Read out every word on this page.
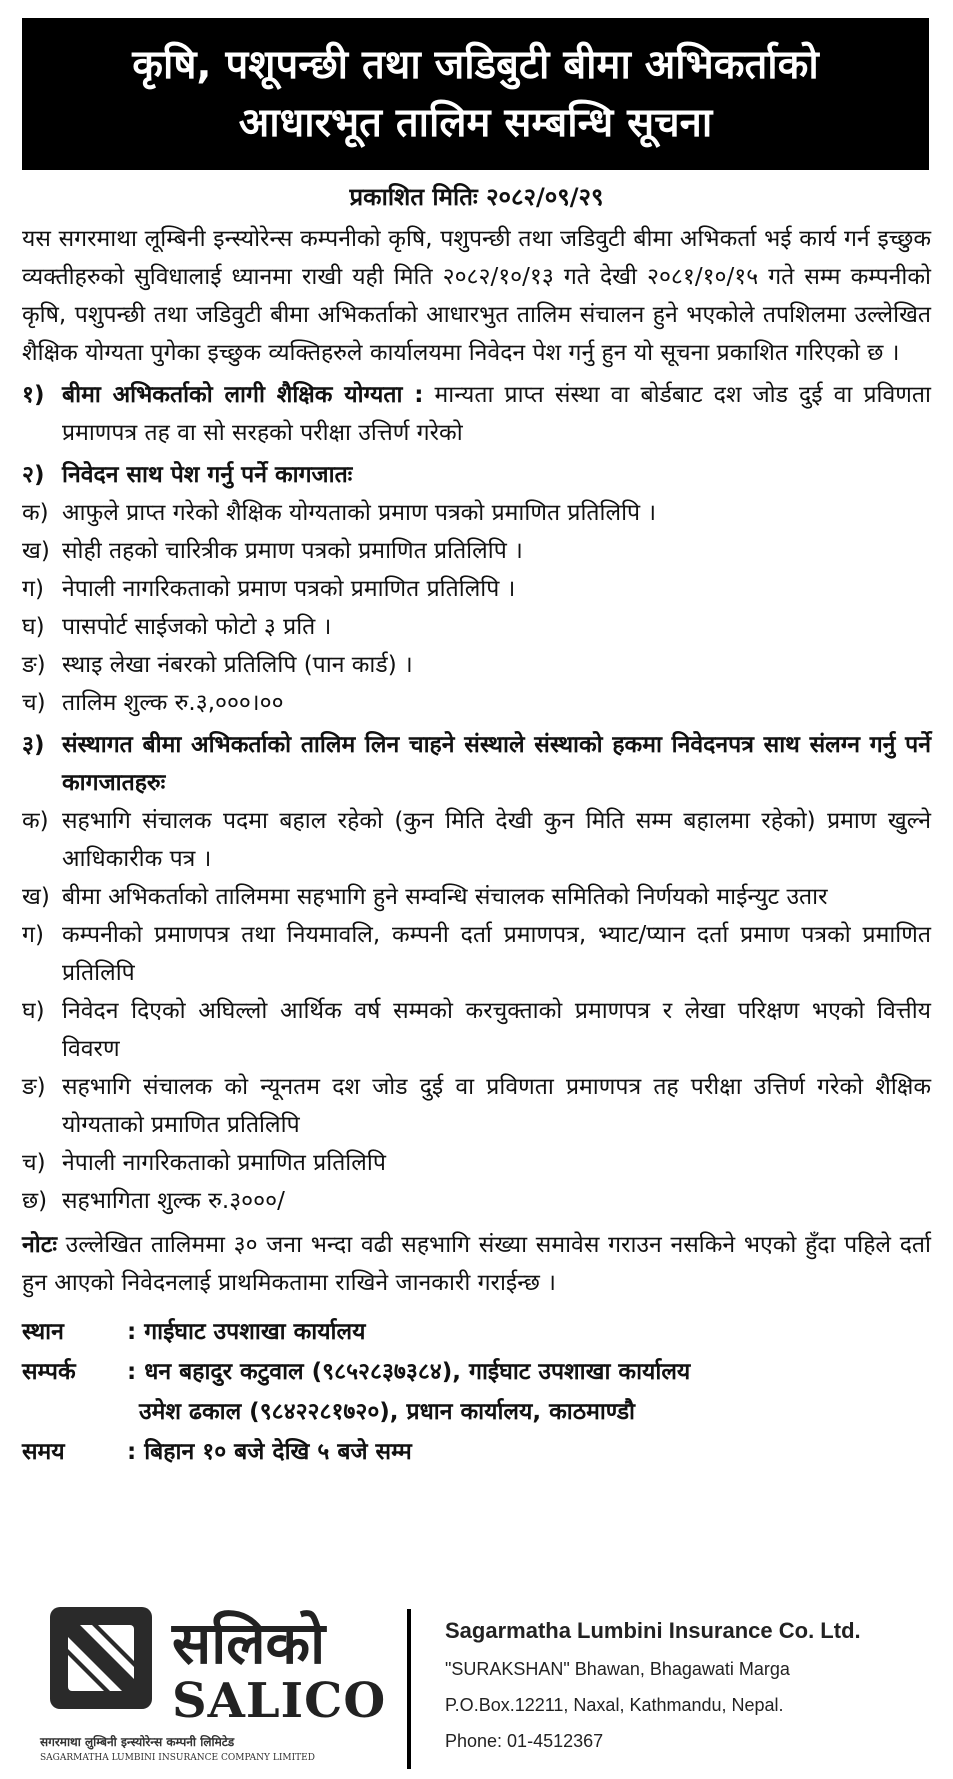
कृषि, पशूपन्छी तथा जडिबुटी बीमा अभिकर्ताको
आधारभूत तालिम सम्बन्धि सूचना
प्रकाशित मितिः २०८२/०९/२९
यस सगरमाथा लूम्बिनी इन्स्योरेन्स कम्पनीको कृषि, पशुपन्छी तथा जडिवुटी बीमा अभिकर्ता भई कार्य गर्न इच्छुक व्यक्तीहरुको सुविधालाई ध्यानमा राखी यही मिति २०८२/१०/१३ गते देखी २०८१/१०/१५ गते सम्म कम्पनीको कृषि, पशुपन्छी तथा जडिवुटी बीमा अभिकर्ताको आधारभुत तालिम संचालन हुने भएकोले तपशिलमा उल्लेखित शैक्षिक योग्यता पुगेका इच्छुक व्यक्तिहरुले कार्यालयमा निवेदन पेश गर्नु हुन यो सूचना प्रकाशित गरिएको छ ।
१) बीमा अभिकर्ताको लागी शैक्षिक योग्यता : मान्यता प्राप्त संस्था वा बोर्डबाट दश जोड दुई वा प्रविणता प्रमाणपत्र तह वा सो सरहको परीक्षा उत्तिर्ण गरेको
२) निवेदन साथ पेश गर्नु पर्ने कागजातः
क) आफुले प्राप्त गरेको शैक्षिक योग्यताको प्रमाण पत्रको प्रमाणित प्रतिलिपि ।
ख) सोही तहको चारित्रीक प्रमाण पत्रको प्रमाणित प्रतिलिपि ।
ग) नेपाली नागरिकताको प्रमाण पत्रको प्रमाणित प्रतिलिपि ।
घ) पासपोर्ट साईजको फोटो ३ प्रति ।
ङ) स्थाइ लेखा नंबरको प्रतिलिपि (पान कार्ड) ।
च) तालिम शुल्क रु.३,०००।००
३) संस्थागत बीमा अभिकर्ताको तालिम लिन चाहने संस्थाले संस्थाको हकमा निवेदनपत्र साथ संलग्न गर्नु पर्ने कागजातहरुः
क) सहभागि संचालक पदमा बहाल रहेको (कुन मिति देखी कुन मिति सम्म बहालमा रहेको) प्रमाण खुल्ने आधिकारीक पत्र ।
ख) बीमा अभिकर्ताको तालिममा सहभागि हुने सम्वन्धि संचालक समितिको निर्णयको माईन्युट उतार
ग) कम्पनीको प्रमाणपत्र तथा नियमावलि, कम्पनी दर्ता प्रमाणपत्र, भ्याट/प्यान दर्ता प्रमाण पत्रको प्रमाणित प्रतिलिपि
घ) निवेदन दिएको अघिल्लो आर्थिक वर्ष सम्मको करचुक्ताको प्रमाणपत्र र लेखा परिक्षण भएको वित्तीय विवरण
ङ) सहभागि संचालक को न्यूनतम दश जोड दुई वा प्रविणता प्रमाणपत्र तह परीक्षा उत्तिर्ण गरेको शैक्षिक योग्यताको प्रमाणित प्रतिलिपि
च) नेपाली नागरिकताको प्रमाणित प्रतिलिपि
छ) सहभागिता शुल्क रु.३०००/
नोटः उल्लेखित तालिममा ३० जना भन्दा वढी सहभागि संख्या समावेस गराउन नसकिने भएको हुँदा पहिले दर्ता हुन आएको निवेदनलाई प्राथमिकतामा राखिने जानकारी गराईन्छ ।
स्थान	: गाईघाट उपशाखा कार्यालय
सम्पर्क	: धन बहादुर कटुवाल (९८५२८३७३८४), गाईघाट उपशाखा कार्यालय
उमेश ढकाल (९८४२२८१७२०), प्रधान कार्यालय, काठमाण्डौ
समय	: बिहान १० बजे देखि ५ बजे सम्म
सलिको
SALICO
सगरमाथा लुम्बिनी इन्स्योरेन्स कम्पनी लिमिटेड
SAGARMATHA LUMBINI INSURANCE COMPANY LIMITED
Sagarmatha Lumbini Insurance Co. Ltd.
"SURAKSHAN" Bhawan, Bhagawati Marga
P.O.Box.12211, Naxal, Kathmandu, Nepal.
Phone: 01-4512367
